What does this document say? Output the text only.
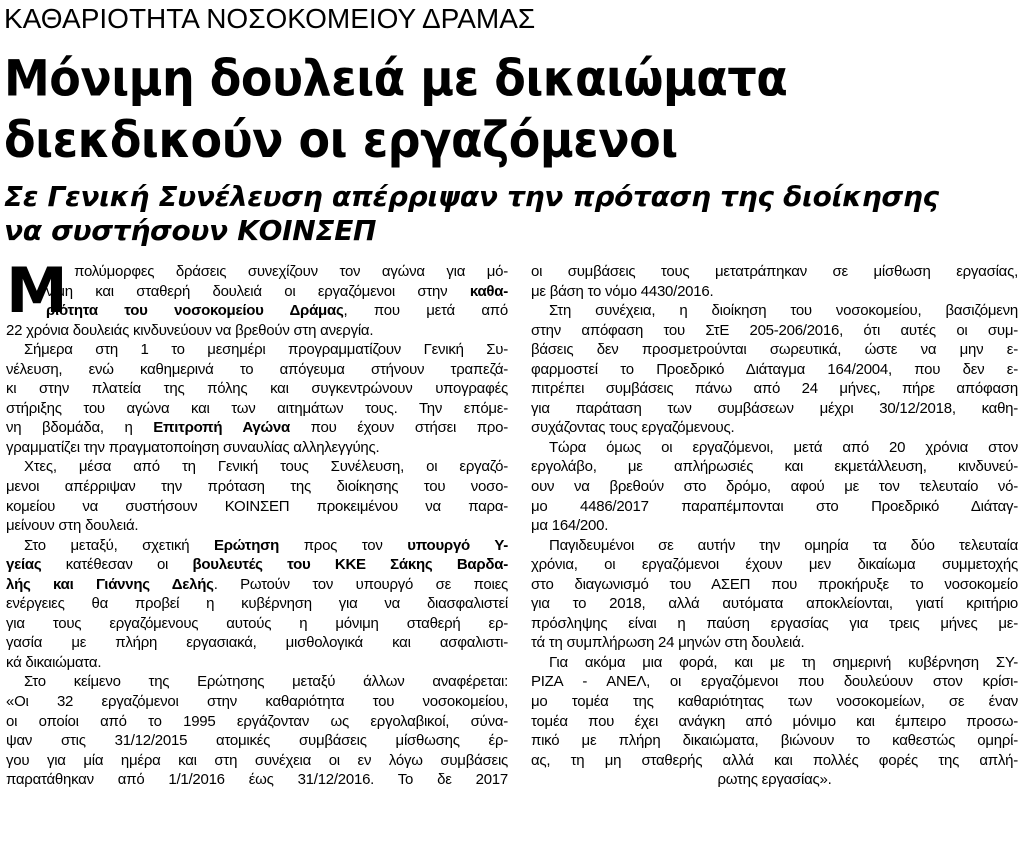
ΚΑΘΑΡΙΟΤΗΤΑ ΝΟΣΟΚΟΜΕΙΟΥ ΔΡΑΜΑΣ
Μόνιμη δουλειά με δικαιώματα
διεκδικούν οι εργαζόμενοι
Σε Γενική Συνέλευση απέρριψαν την πρόταση της διοίκησης
να συστήσουν ΚΟΙΝΣΕΠ
Μ
ε πολύμορφες δράσεις συνεχίζουν τον αγώνα για μό-
νιμη και σταθερή δουλειά οι εργαζόμενοι στην καθα-
ριότητα του νοσοκομείου Δράμας, που μετά από
22 χρόνια δουλειάς κινδυνεύουν να βρεθούν στη ανεργία.
Σήμερα στη 1 το μεσημέρι προγραμματίζουν Γενική Συ-
νέλευση, ενώ καθημερινά το απόγευμα στήνουν τραπεζά-
κι στην πλατεία της πόλης και συγκεντρώνουν υπογραφές
στήριξης του αγώνα και των αιτημάτων τους. Την επόμε-
νη βδομάδα, η Επιτροπή Αγώνα που έχουν στήσει προ-
γραμματίζει την πραγματοποίηση συναυλίας αλληλεγγύης.
Χτες, μέσα από τη Γενική τους Συνέλευση, οι εργαζό-
μενοι απέρριψαν την πρόταση της διοίκησης του νοσο-
κομείου να συστήσουν ΚΟΙΝΣΕΠ προκειμένου να παρα-
μείνουν στη δουλειά.
Στο μεταξύ, σχετική Ερώτηση προς τον υπουργό Υ-
γείας κατέθεσαν οι βουλευτές του ΚΚΕ Σάκης Βαρδα-
λής και Γιάννης Δελής. Ρωτούν τον υπουργό σε ποιες
ενέργειες θα προβεί η κυβέρνηση για να διασφαλιστεί
για τους εργαζόμενους αυτούς η μόνιμη σταθερή ερ-
γασία με πλήρη εργασιακά, μισθολογικά και ασφαλιστι-
κά δικαιώματα.
Στο κείμενο της Ερώτησης μεταξύ άλλων αναφέρεται:
«Οι 32 εργαζόμενοι στην καθαριότητα του νοσοκομείου,
οι οποίοι από το 1995 εργάζονταν ως εργολαβικοί, σύνα-
ψαν στις 31/12/2015 ατομικές συμβάσεις μίσθωσης έρ-
γου για μία ημέρα και στη συνέχεια οι εν λόγω συμβάσεις
παρατάθηκαν από 1/1/2016 έως 31/12/2016. Το δε 2017
οι συμβάσεις τους μετατράπηκαν σε μίσθωση εργασίας,
με βάση το νόμο 4430/2016.
Στη συνέχεια, η διοίκηση του νοσοκομείου, βασιζόμενη
στην απόφαση του ΣτΕ 205-206/2016, ότι αυτές οι συμ-
βάσεις δεν προσμετρούνται σωρευτικά, ώστε να μην ε-
φαρμοστεί το Προεδρικό Διάταγμα 164/2004, που δεν ε-
πιτρέπει συμβάσεις πάνω από 24 μήνες, πήρε απόφαση
για παράταση των συμβάσεων μέχρι 30/12/2018, καθη-
συχάζοντας τους εργαζόμενους.
Τώρα όμως οι εργαζόμενοι, μετά από 20 χρόνια στον
εργολάβο, με απλήρωσιές και εκμετάλλευση, κινδυνεύ-
ουν να βρεθούν στο δρόμο, αφού με τον τελευταίο νό-
μο 4486/2017 παραπέμπονται στο Προεδρικό Διάταγ-
μα 164/200.
Παγιδευμένοι σε αυτήν την ομηρία τα δύο τελευταία
χρόνια, οι εργαζόμενοι έχουν μεν δικαίωμα συμμετοχής
στο διαγωνισμό του ΑΣΕΠ που προκήρυξε το νοσοκομείο
για το 2018, αλλά αυτόματα αποκλείονται, γιατί κριτήριο
πρόσληψης είναι η παύση εργασίας για τρεις μήνες με-
τά τη συμπλήρωση 24 μηνών στη δουλειά.
Για ακόμα μια φορά, και με τη σημερινή κυβέρνηση ΣΥ-
ΡΙΖΑ - ΑΝΕΛ, οι εργαζόμενοι που δουλεύουν στον κρίσι-
μο τομέα της καθαριότητας των νοσοκομείων, σε έναν
τομέα που έχει ανάγκη από μόνιμο και έμπειρο προσω-
πικό με πλήρη δικαιώματα, βιώνουν το καθεστώς ομηρί-
ας, τη μη σταθερής αλλά και πολλές φορές της απλή-
ρωτης εργασίας».
